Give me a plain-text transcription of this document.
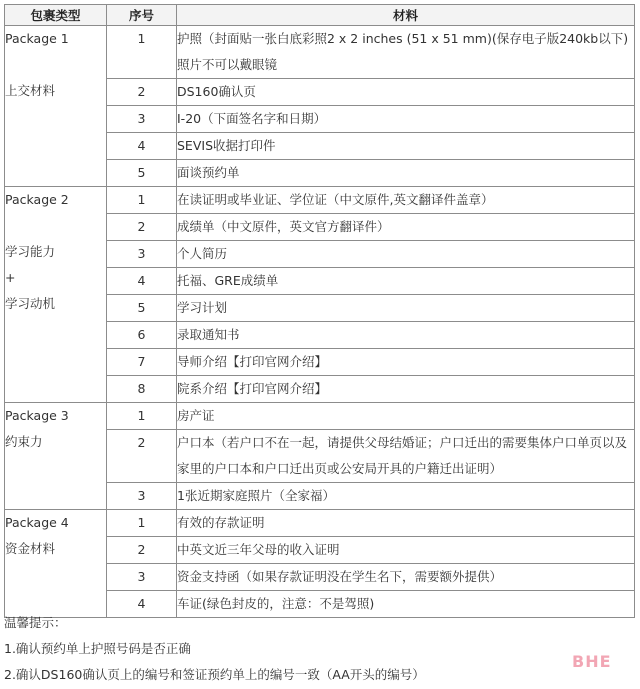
包裹类型	序号	材料

Package 1

上交材料	1	护照（封面贴一张白底彩照2 x 2 inches (51 x 51 mm)(保存电子版240kb以下)照片不可以戴眼镜
	2	DS160确认页
	3	I-20（下面签名字和日期）
	4	SEVIS收据打印件
	5	面谈预约单

Package 2

学习能力
+
学习动机	1	在读证明或毕业证、学位证（中文原件,英文翻译件盖章）
	2	成绩单（中文原件，英文官方翻译件）
	3	个人简历
	4	托福、GRE成绩单
	5	学习计划
	6	录取通知书
	7	导师介绍【打印官网介绍】
	8	院系介绍【打印官网介绍】

Package 3
约束力	1	房产证
	2	户口本（若户口不在一起，请提供父母结婚证；户口迁出的需要集体户口单页以及家里的户口本和户口迁出页或公安局开具的户籍迁出证明）
	3	1张近期家庭照片（全家福）

Package 4
资金材料	1	有效的存款证明
	2	中英文近三年父母的收入证明
	3	资金支持函（如果存款证明没在学生名下，需要额外提供）
	4	车证(绿色封皮的，注意：不是驾照)
温馨提示：
1.确认预约单上护照号码是否正确
2.确认DS160确认页上的编号和签证预约单上的编号一致（AA开头的编号）
BHE
